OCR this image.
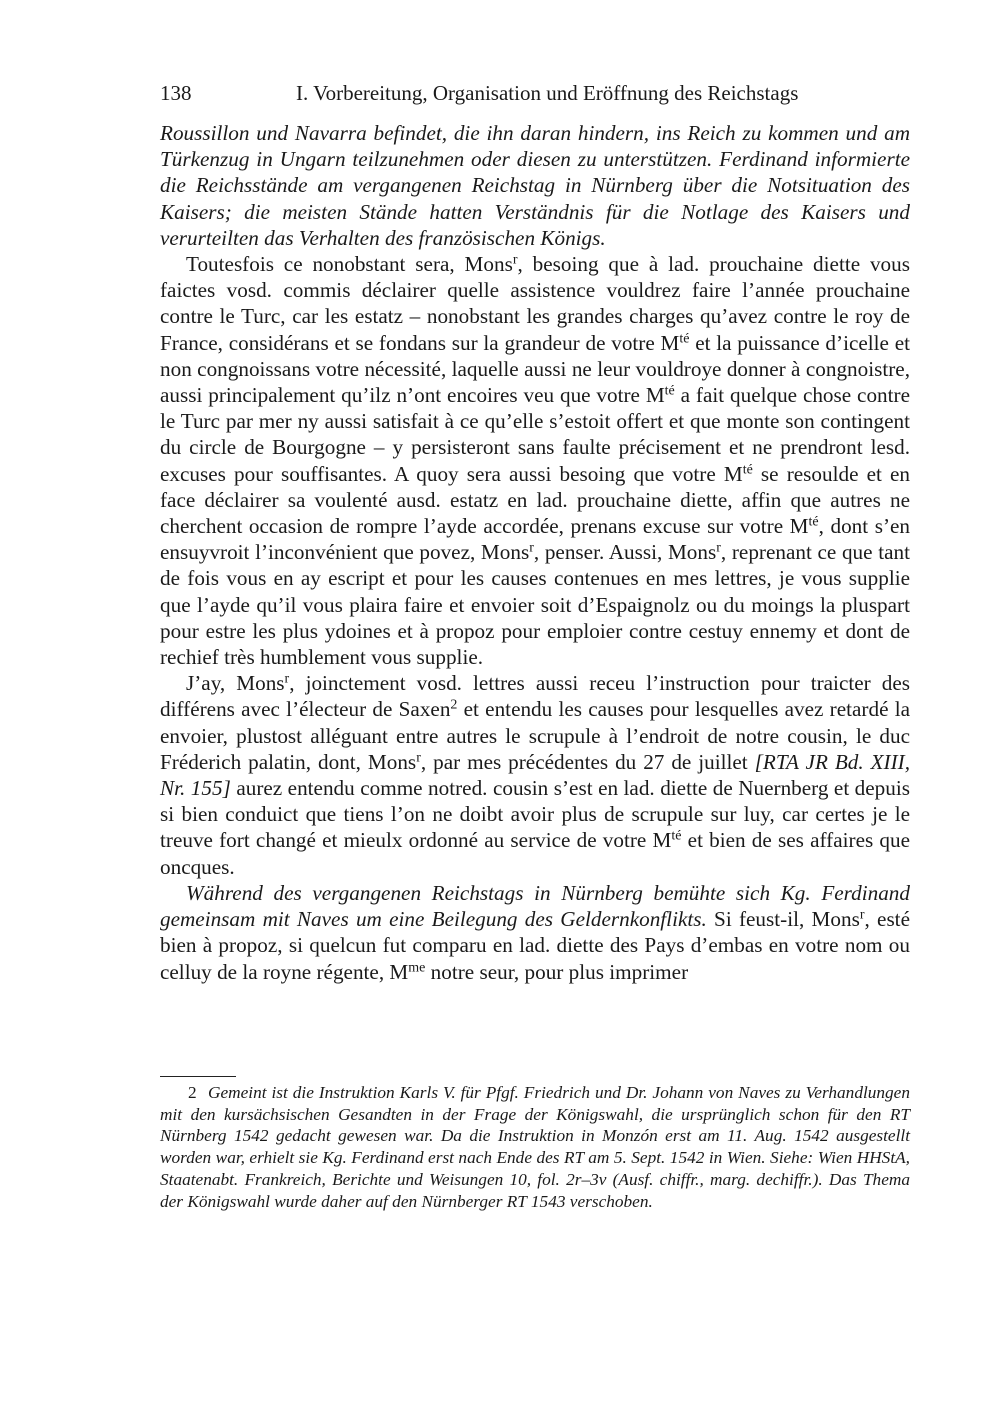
138	I. Vorbereitung, Organisation und Eröffnung des Reichstags

Roussillon und Navarra befindet, die ihn daran hindern, ins Reich zu kommen und am Türkenzug in Ungarn teilzunehmen oder diesen zu unterstützen. Ferdinand informierte die Reichsstände am vergangenen Reichstag in Nürnberg über die Notsituation des Kaisers; die meisten Stände hatten Verständnis für die Notlage des Kaisers und verurteilten das Verhalten des französischen Königs.

Toutesfois ce nonobstant sera, Mons$^r$, besoing que à lad. prouchaine diette vous faictes vosd. commis déclairer quelle assistence vouldrez faire l’année prouchaine contre le Turc, car les estatz – nonobstant les grandes charges qu’avez contre le roy de France, considérans et se fondans sur la grandeur de votre $M^{té}$ et la puissance d’icelle et non congnoissans votre nécessité, laquelle aussi ne leur vouldroye donner à congnoistre, aussi principalement qu’ilz n’ont encoires veu que votre $M^{té}$ a fait quelque chose contre le Turc par mer ny aussi satisfait à ce qu’elle s’estoit offert et que monte son contingent du circle de Bourgogne – y persisteront sans faulte précisement et ne prendront lesd. excuses pour souffisantes. A quoy sera aussi besoing que votre $M^{té}$ se resoulde et en face déclairer sa voulenté ausd. estatz en lad. prouchaine diette, affin que autres ne cherchent occasion de rompre l’ayde accordée, prenans excuse sur votre $M^{té}$, dont s’en ensuyvroit l’inconvénient que povez, Mons$^r$, penser. Aussi, Mons$^r$, reprenant ce que tant de fois vous en ay escript et pour les causes contenues en mes lettres, je vous supplie que l’ayde qu’il vous plaira faire et envoier soit d’Espaignolz ou du moings la pluspart pour estre les plus ydoines et à propoz pour emploier contre cestuy ennemy et dont de rechief très humblement vous supplie.

J’ay, Mons$^r$, joinctement vosd. lettres aussi receu l’instruction pour traicter des différens avec l’électeur de Saxen$^2$ et entendu les causes pour lesquelles avez retardé la envoier, plustost alléguant entre autres le scrupule à l’endroit de notre cousin, le duc Fréderich palatin, dont, Mons$^r$, par mes précédentes du 27 de juillet [RTA JR Bd. XIII, Nr. 155] aurez entendu comme notred. cousin s’est en lad. diette de Nuernberg et depuis si bien conduict que tiens l’on ne doibt avoir plus de scrupule sur luy, car certes je le treuve fort changé et mieulx ordonné au service de votre $M^{té}$ et bien de ses affaires que oncques.

Während des vergangenen Reichstags in Nürnberg bemühte sich Kg. Ferdinand gemeinsam mit Naves um eine Beilegung des Geldernkonflikts. Si feust-il, Mons$^r$, esté bien à propoz, si quelcun fut comparu en lad. diette des Pays d’embas en votre nom ou celluy de la royne régente, $M^{me}$ notre seur, pour plus imprimer

2 Gemeint ist die Instruktion Karls V. für Pfgf. Friedrich und Dr. Johann von Naves zu Verhandlungen mit den kursächsischen Gesandten in der Frage der Königswahl, die ursprünglich schon für den RT Nürnberg 1542 gedacht gewesen war. Da die Instruktion in Monzón erst am 11. Aug. 1542 ausgestellt worden war, erhielt sie Kg. Ferdinand erst nach Ende des RT am 5. Sept. 1542 in Wien. Siehe: Wien HHStA, Staatenabt. Frankreich, Berichte und Weisungen 10, fol. 2r–3v (Ausf. chiffr., marg. dechiffr.). Das Thema der Königswahl wurde daher auf den Nürnberger RT 1543 verschoben.
